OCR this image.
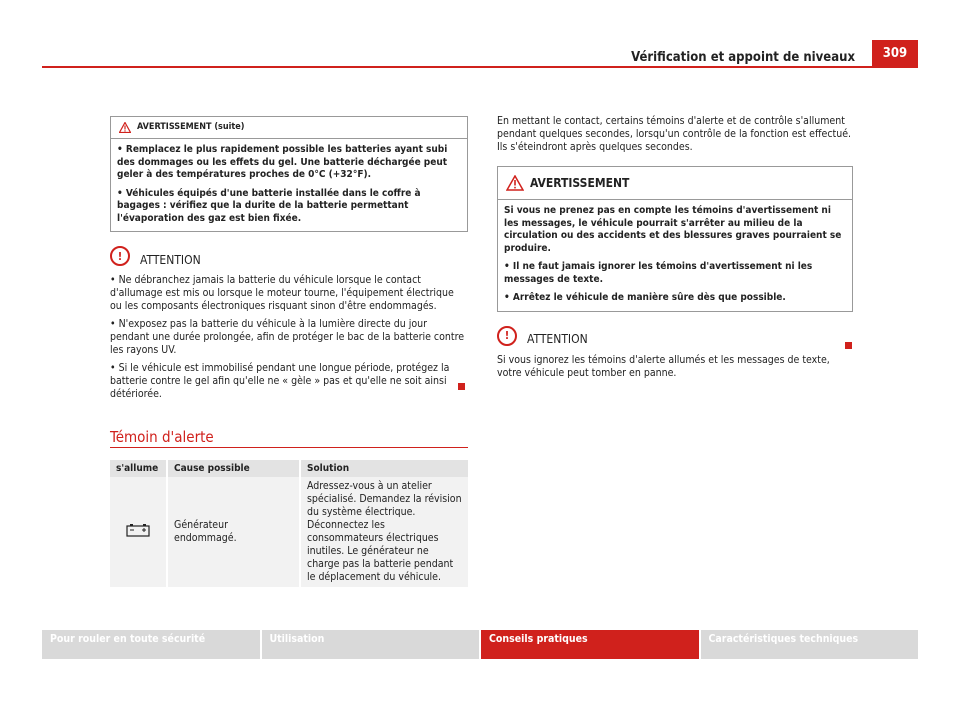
Vérification et appoint de niveaux	309
AVERTISSEMENT (suite)

• Remplacez le plus rapidement possible les batteries ayant subi des dommages ou les effets du gel. Une batterie déchargée peut geler à des températures proches de 0°C (+32°F).

• Véhicules équipés d'une batterie installée dans le coffre à bagages : vérifiez que la durite de la batterie permettant l'évaporation des gaz est bien fixée.

!	ATTENTION

• Ne débranchez jamais la batterie du véhicule lorsque le contact d'allumage est mis ou lorsque le moteur tourne, l'équipement électrique ou les composants électroniques risquant sinon d'être endommagés.

• N'exposez pas la batterie du véhicule à la lumière directe du jour pendant une durée prolongée, afin de protéger le bac de la batterie contre les rayons UV.

• Si le véhicule est immobilisé pendant une longue période, protégez la batterie contre le gel afin qu'elle ne « gèle » pas et qu'elle ne soit ainsi détériorée.

Témoin d'alerte
s'allume	Cause possible	Solution
	Générateur endommagé.	Adressez-vous à un atelier spécialisé. Demandez la révision du système électrique. Déconnectez les consommateurs électriques inutiles. Le générateur ne charge pas la batterie pendant le déplacement du véhicule.

En mettant le contact, certains témoins d'alerte et de contrôle s'allument pendant quelques secondes, lorsqu'un contrôle de la fonction est effectué. Ils s'éteindront après quelques secondes.

AVERTISSEMENT

Si vous ne prenez pas en compte les témoins d'avertissement ni les messages, le véhicule pourrait s'arrêter au milieu de la circulation ou des accidents et des blessures graves pourraient se produire.

• Il ne faut jamais ignorer les témoins d'avertissement ni les messages de texte.

• Arrêtez le véhicule de manière sûre dès que possible.

!	ATTENTION

Si vous ignorez les témoins d'alerte allumés et les messages de texte, votre véhicule peut tomber en panne.

Pour rouler en toute sécurité	Utilisation	Conseils pratiques	Caractéristiques techniques
